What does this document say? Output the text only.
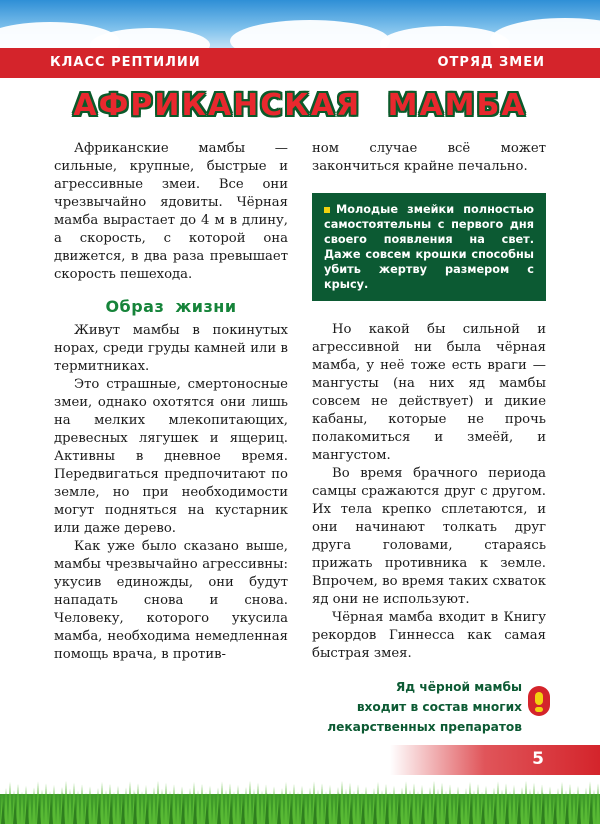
КЛАСС РЕПТИЛИИ	ОТРЯД ЗМЕИ
АФРИКАНСКАЯ МАМБА

Африканские мамбы — сильные, крупные, быстрые и агрессивные змеи. Все они чрезвычайно ядовиты. Чёрная мамба вырастает до 4 м в длину, а скорость, с которой она движется, в два раза превышает скорость пешехода.

Образ жизни

Живут мамбы в покинутых норах, среди груды камней или в термитниках.

Это страшные, смертоносные змеи, однако охотятся они лишь на мелких млекопитающих, древесных лягушек и ящериц. Активны в дневное время. Передвигаться предпочитают по земле, но при необходимости могут подняться на кустарник или даже дерево.

Как уже было сказано выше, мамбы чрезвычайно агрессивны: укусив единожды, они будут нападать снова и снова. Человеку, которого укусила мамба, необходима немедленная помощь врача, в против-

ном случае всё может закончиться крайне печально.

Молодые змейки полностью самостоятельны с первого дня своего появления на свет. Даже совсем крошки способны убить жертву размером с крысу.

Но какой бы сильной и агрессивной ни была чёрная мамба, у неё тоже есть враги — мангусты (на них яд мамбы совсем не действует) и дикие кабаны, которые не прочь полакомиться и змеёй, и мангустом.

Во время брачного периода самцы сражаются друг с другом. Их тела крепко сплетаются, и они начинают толкать друг друга головами, стараясь прижать противника к земле. Впрочем, во время таких схваток яд они не используют.

Чёрная мамба входит в Книгу рекордов Гиннесса как самая быстрая змея.

Яд чёрной мамбы
входит в состав многих
лекарственных препаратов
5
